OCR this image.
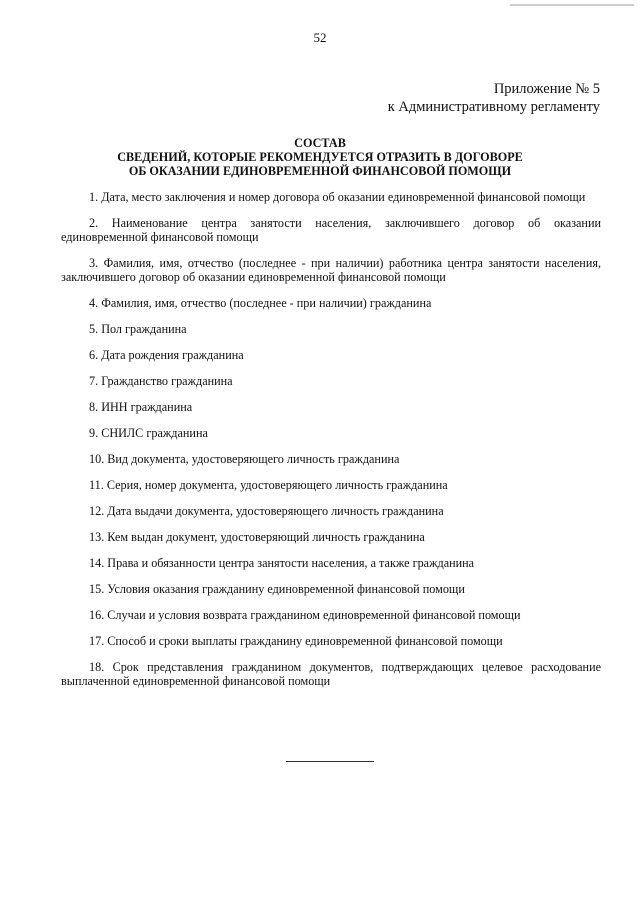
52
Приложение № 5
к Административному регламенту
СОСТАВ
СВЕДЕНИЙ, КОТОРЫЕ РЕКОМЕНДУЕТСЯ ОТРАЗИТЬ В ДОГОВОРЕ
ОБ ОКАЗАНИИ ЕДИНОВРЕМЕННОЙ ФИНАНСОВОЙ ПОМОЩИ

1. Дата, место заключения и номер договора об оказании единовременной финансовой помощи

2. Наименование центра занятости населения, заключившего договор об оказании единовременной финансовой помощи

3. Фамилия, имя, отчество (последнее - при наличии) работника центра занятости населения, заключившего договор об оказании единовременной финансовой помощи

4. Фамилия, имя, отчество (последнее - при наличии) гражданина

5. Пол гражданина

6. Дата рождения гражданина

7. Гражданство гражданина

8. ИНН гражданина

9. СНИЛС гражданина

10. Вид документа, удостоверяющего личность гражданина

11. Серия, номер документа, удостоверяющего личность гражданина

12. Дата выдачи документа, удостоверяющего личность гражданина

13. Кем выдан документ, удостоверяющий личность гражданина

14. Права и обязанности центра занятости населения, а также гражданина

15. Условия оказания гражданину единовременной финансовой помощи

16. Случаи и условия возврата гражданином единовременной финансовой помощи

17. Способ и сроки выплаты гражданину единовременной финансовой помощи

18. Срок представления гражданином документов, подтверждающих целевое расходование выплаченной единовременной финансовой помощи
